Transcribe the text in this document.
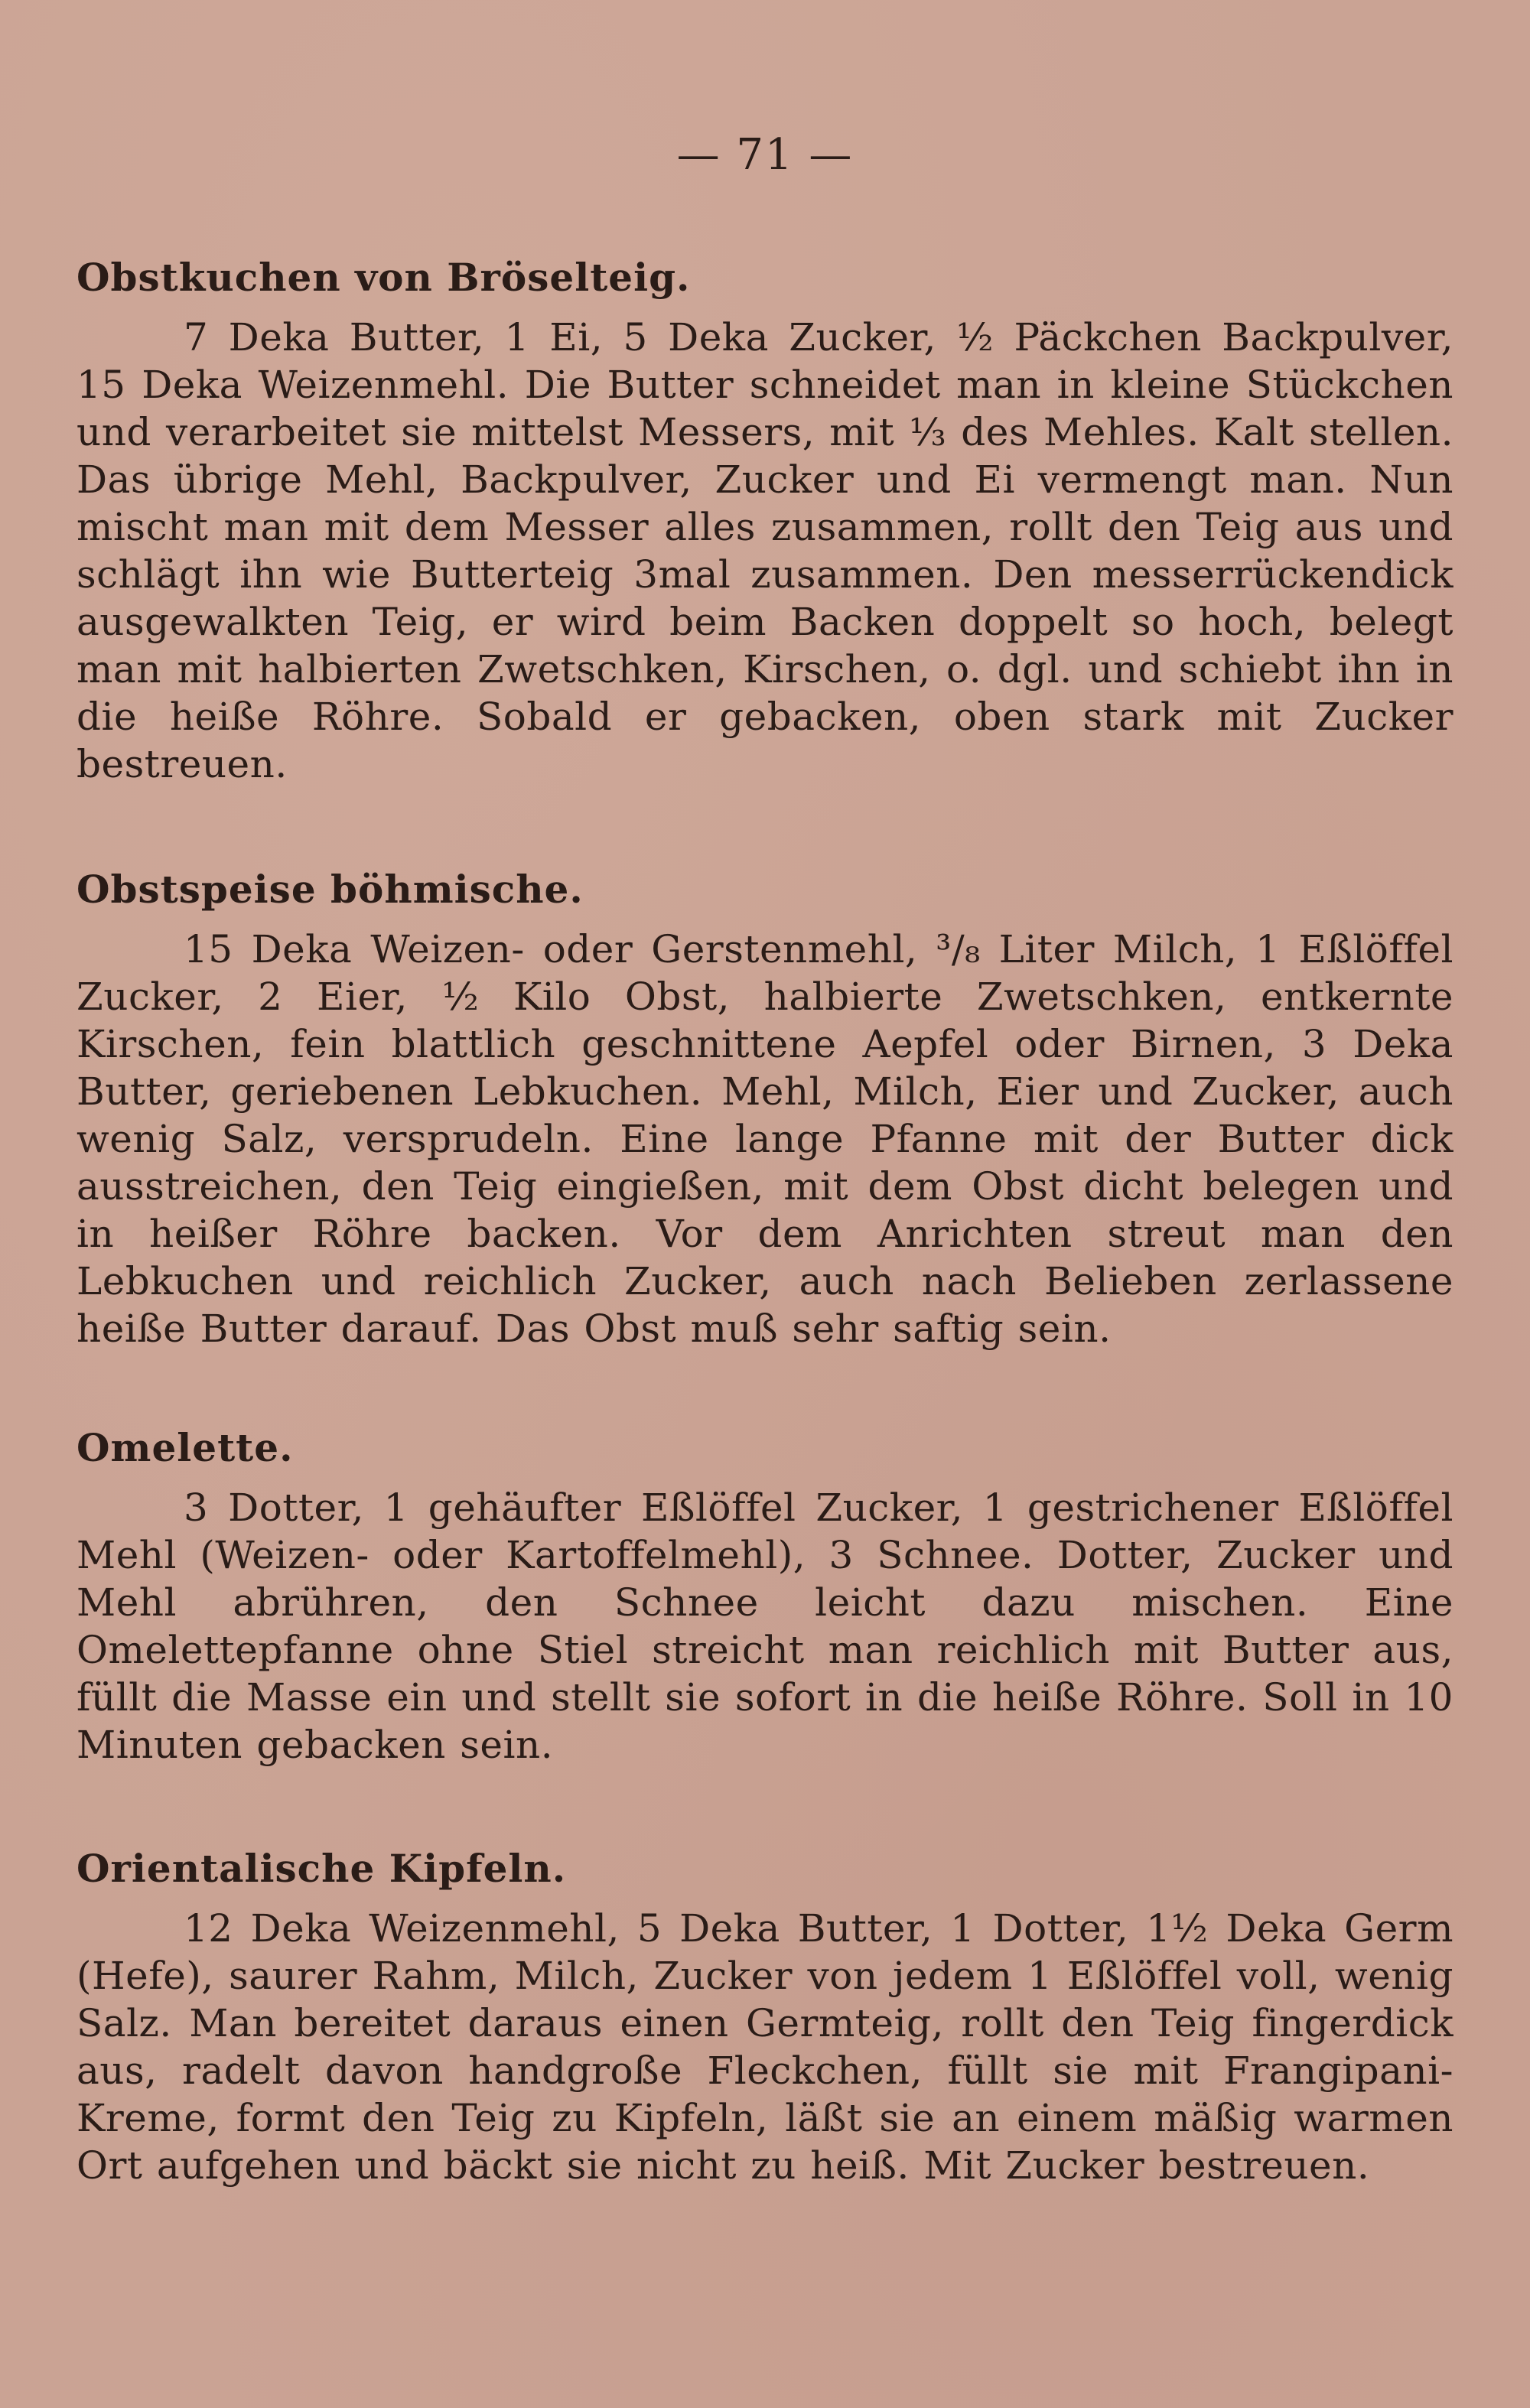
— 71 —
Obstkuchen von Bröselteig.

7 Deka Butter, 1 Ei, 5 Deka Zucker, ½ Päckchen Backpulver, 15 Deka Weizenmehl. Die Butter schneidet man in kleine Stückchen und verarbeitet sie mittelst Messers, mit ⅓ des Mehles. Kalt stellen. Das übrige Mehl, Backpulver, Zucker und Ei vermengt man. Nun mischt man mit dem Messer alles zusammen, rollt den Teig aus und schlägt ihn wie Butterteig 3mal zusammen. Den messerrückendick ausgewalkten Teig, er wird beim Backen doppelt so hoch, belegt man mit halbierten Zwetschken, Kirschen, o. dgl. und schiebt ihn in die heiße Röhre. Sobald er gebacken, oben stark mit Zucker bestreuen.

Obstspeise böhmische.

15 Deka Weizen- oder Gerstenmehl, ³/₈ Liter Milch, 1 Eßlöffel Zucker, 2 Eier, ½ Kilo Obst, halbierte Zwetschken, entkernte Kirschen, fein blattlich geschnittene Aepfel oder Birnen, 3 Deka Butter, geriebenen Lebkuchen. Mehl, Milch, Eier und Zucker, auch wenig Salz, versprudeln. Eine lange Pfanne mit der Butter dick ausstreichen, den Teig eingießen, mit dem Obst dicht belegen und in heißer Röhre backen. Vor dem Anrichten streut man den Lebkuchen und reichlich Zucker, auch nach Belieben zerlassene heiße Butter darauf. Das Obst muß sehr saftig sein.

Omelette.

3 Dotter, 1 gehäufter Eßlöffel Zucker, 1 gestrichener Eßlöffel Mehl (Weizen- oder Kartoffelmehl), 3 Schnee. Dotter, Zucker und Mehl abrühren, den Schnee leicht dazu mischen. Eine Omelettepfanne ohne Stiel streicht man reichlich mit Butter aus, füllt die Masse ein und stellt sie sofort in die heiße Röhre. Soll in 10 Minuten gebacken sein.

Orientalische Kipfeln.

12 Deka Weizenmehl, 5 Deka Butter, 1 Dotter, 1½ Deka Germ (Hefe), saurer Rahm, Milch, Zucker von jedem 1 Eßlöffel voll, wenig Salz. Man bereitet daraus einen Germteig, rollt den Teig fingerdick aus, radelt davon handgroße Fleckchen, füllt sie mit Frangipani-Kreme, formt den Teig zu Kipfeln, läßt sie an einem mäßig warmen Ort aufgehen und bäckt sie nicht zu heiß. Mit Zucker bestreuen.
